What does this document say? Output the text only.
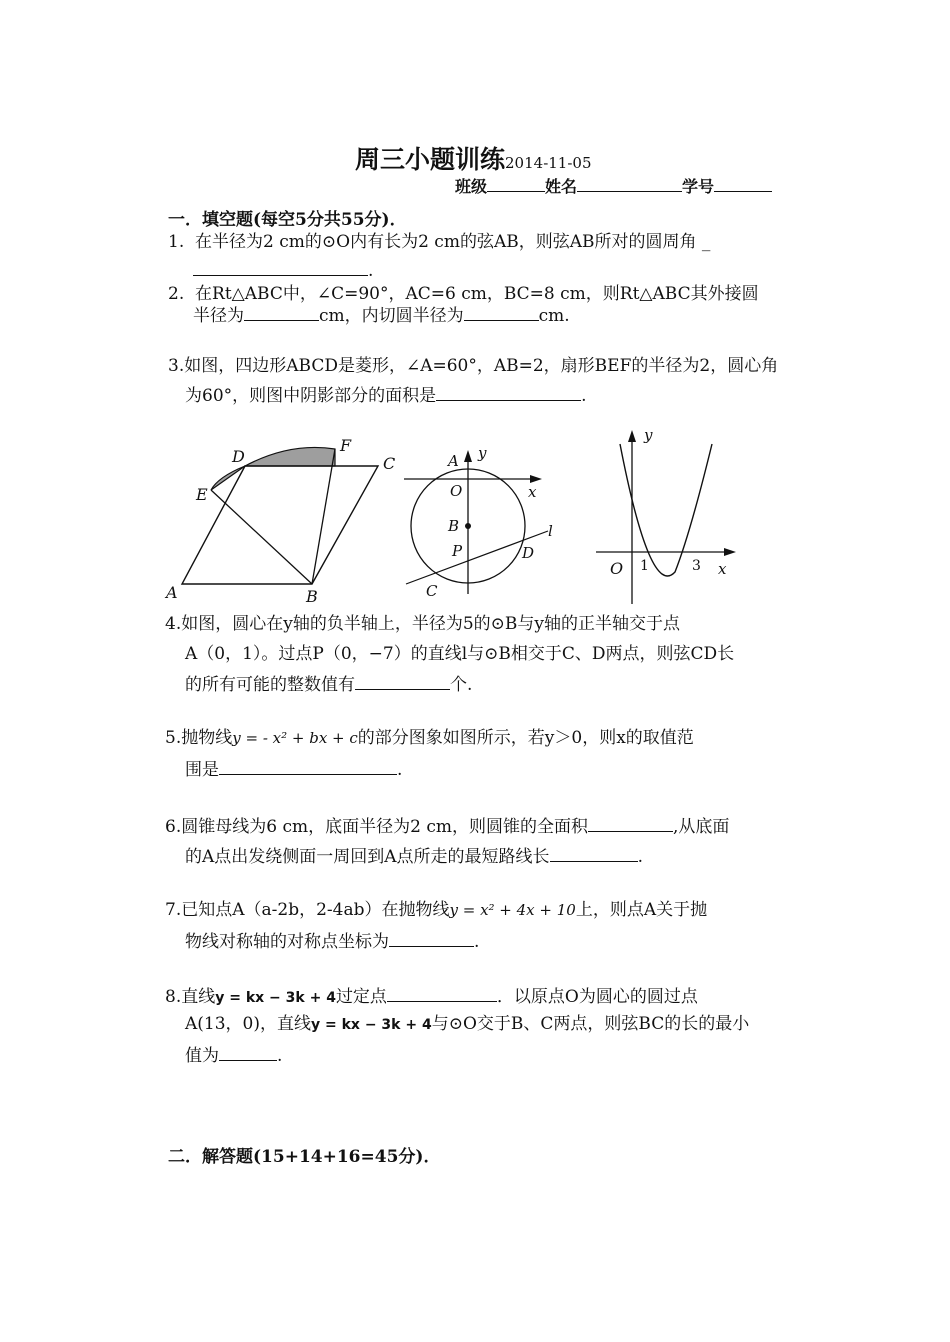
周三小题训练2014-11-05
班级	姓名	学号
一．填空题(每空5分共55分)．
1. 在半径为2 cm的⊙O内有长为2 cm的弦AB，则弦AB所对的圆周角 _
.
2. 在Rt△ABC中，∠C=90°，AC=6 cm，BC=8 cm，则Rt△ABC其外接圆
半径为	cm，内切圆半径为	cm.
3.如图，四边形ABCD是菱形，∠A=60°，AB=2，扇形BEF的半径为2，圆心角
为60°，则图中阴影部分的面积是	.
D
F
C
E
A	B
A y
O	x
B
P
l
D
C
y
O 1	3 x
4.如图，圆心在y轴的负半轴上，半径为5的⊙B与y轴的正半轴交于点
A（0，1）。过点P（0，−7）的直线l与⊙B相交于C、D两点，则弦CD长
的所有可能的整数值有	个.
5.抛物线y = - x² + bx + c的部分图象如图所示，若y＞0，则x的取值范
围是	.
6.圆锥母线为6 cm，底面半径为2 cm，则圆锥的全面积	,从底面
的A点出发绕侧面一周回到A点所走的最短路线长	.
7.已知点A（a-2b，2-4ab）在抛物线y = x² + 4x + 10上，则点A关于抛
物线对称轴的对称点坐标为	.
8.直线y = kx − 3k + 4过定点	．以原点O为圆心的圆过点
A(13，0)，直线y = kx − 3k + 4与⊙O交于B、C两点，则弦BC的长的最小
值为	.
二．解答题(15+14+16=45分)．
